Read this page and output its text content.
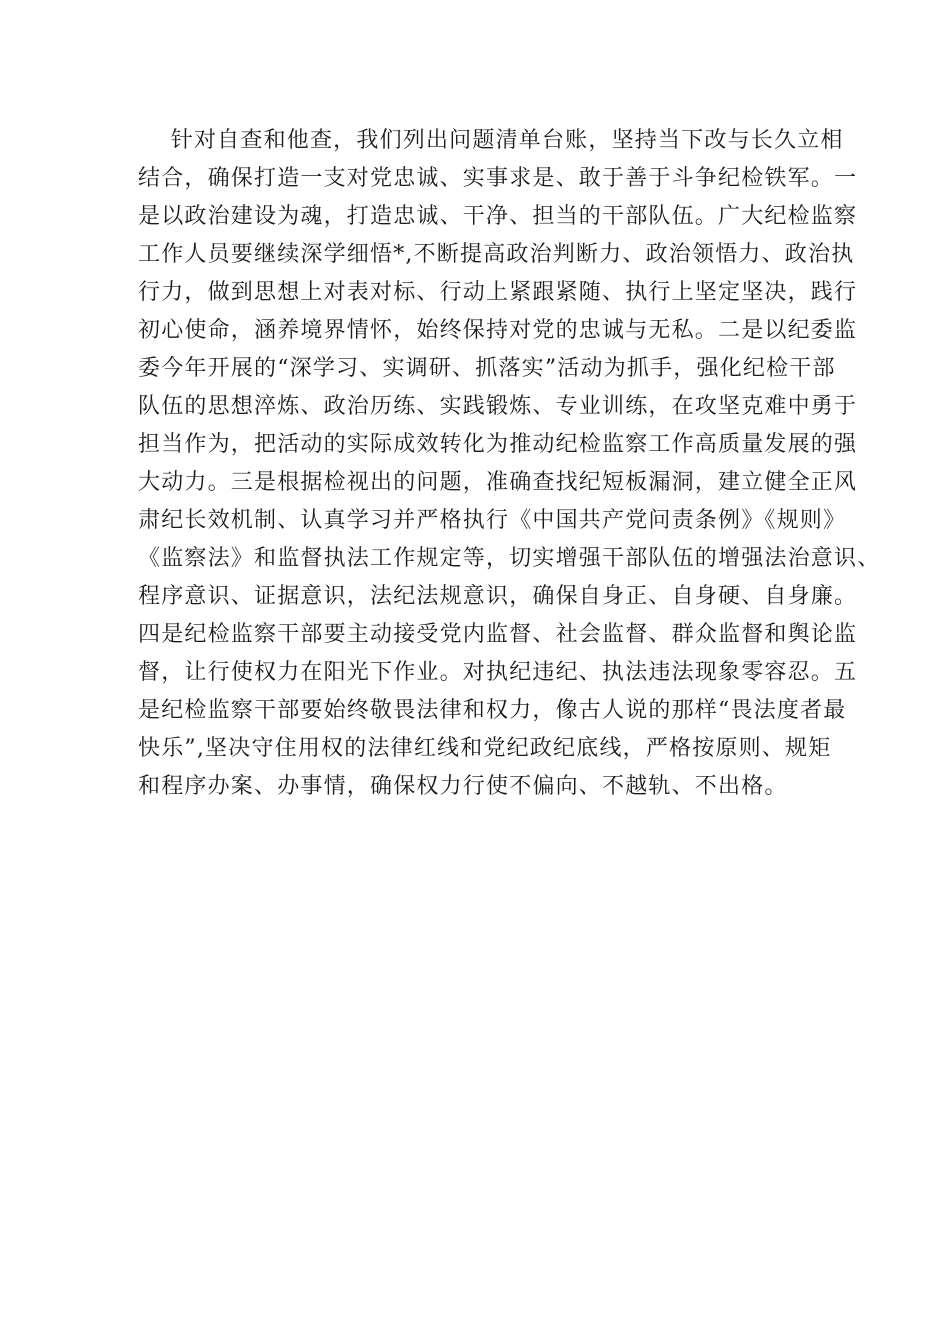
针对自查和他查，我们列出问题清单台账，坚持当下改与长久立相
结合，确保打造一支对党忠诚、实事求是、敢于善于斗争纪检铁军。一
是以政治建设为魂，打造忠诚、干净、担当的干部队伍。广大纪检监察
工作人员要继续深学细悟*,不断提高政治判断力、政治领悟力、政治执
行力，做到思想上对表对标、行动上紧跟紧随、执行上坚定坚决，践行
初心使命，涵养境界情怀，始终保持对党的忠诚与无私。二是以纪委监
委今年开展的“深学习、实调研、抓落实”活动为抓手，强化纪检干部
队伍的思想淬炼、政治历练、实践锻炼、专业训练，在攻坚克难中勇于
担当作为，把活动的实际成效转化为推动纪检监察工作高质量发展的强
大动力。三是根据检视出的问题，准确查找纪短板漏洞，建立健全正风
肃纪长效机制、认真学习并严格执行《中国共产党问责条例》《规则》
《监察法》和监督执法工作规定等，切实增强干部队伍的增强法治意识、
程序意识、证据意识，法纪法规意识，确保自身正、自身硬、自身廉。
四是纪检监察干部要主动接受党内监督、社会监督、群众监督和舆论监
督，让行使权力在阳光下作业。对执纪违纪、执法违法现象零容忍。五
是纪检监察干部要始终敬畏法律和权力，像古人说的那样“畏法度者最
快乐”,坚决守住用权的法律红线和党纪政纪底线，严格按原则、规矩
和程序办案、办事情，确保权力行使不偏向、不越轨、不出格。
